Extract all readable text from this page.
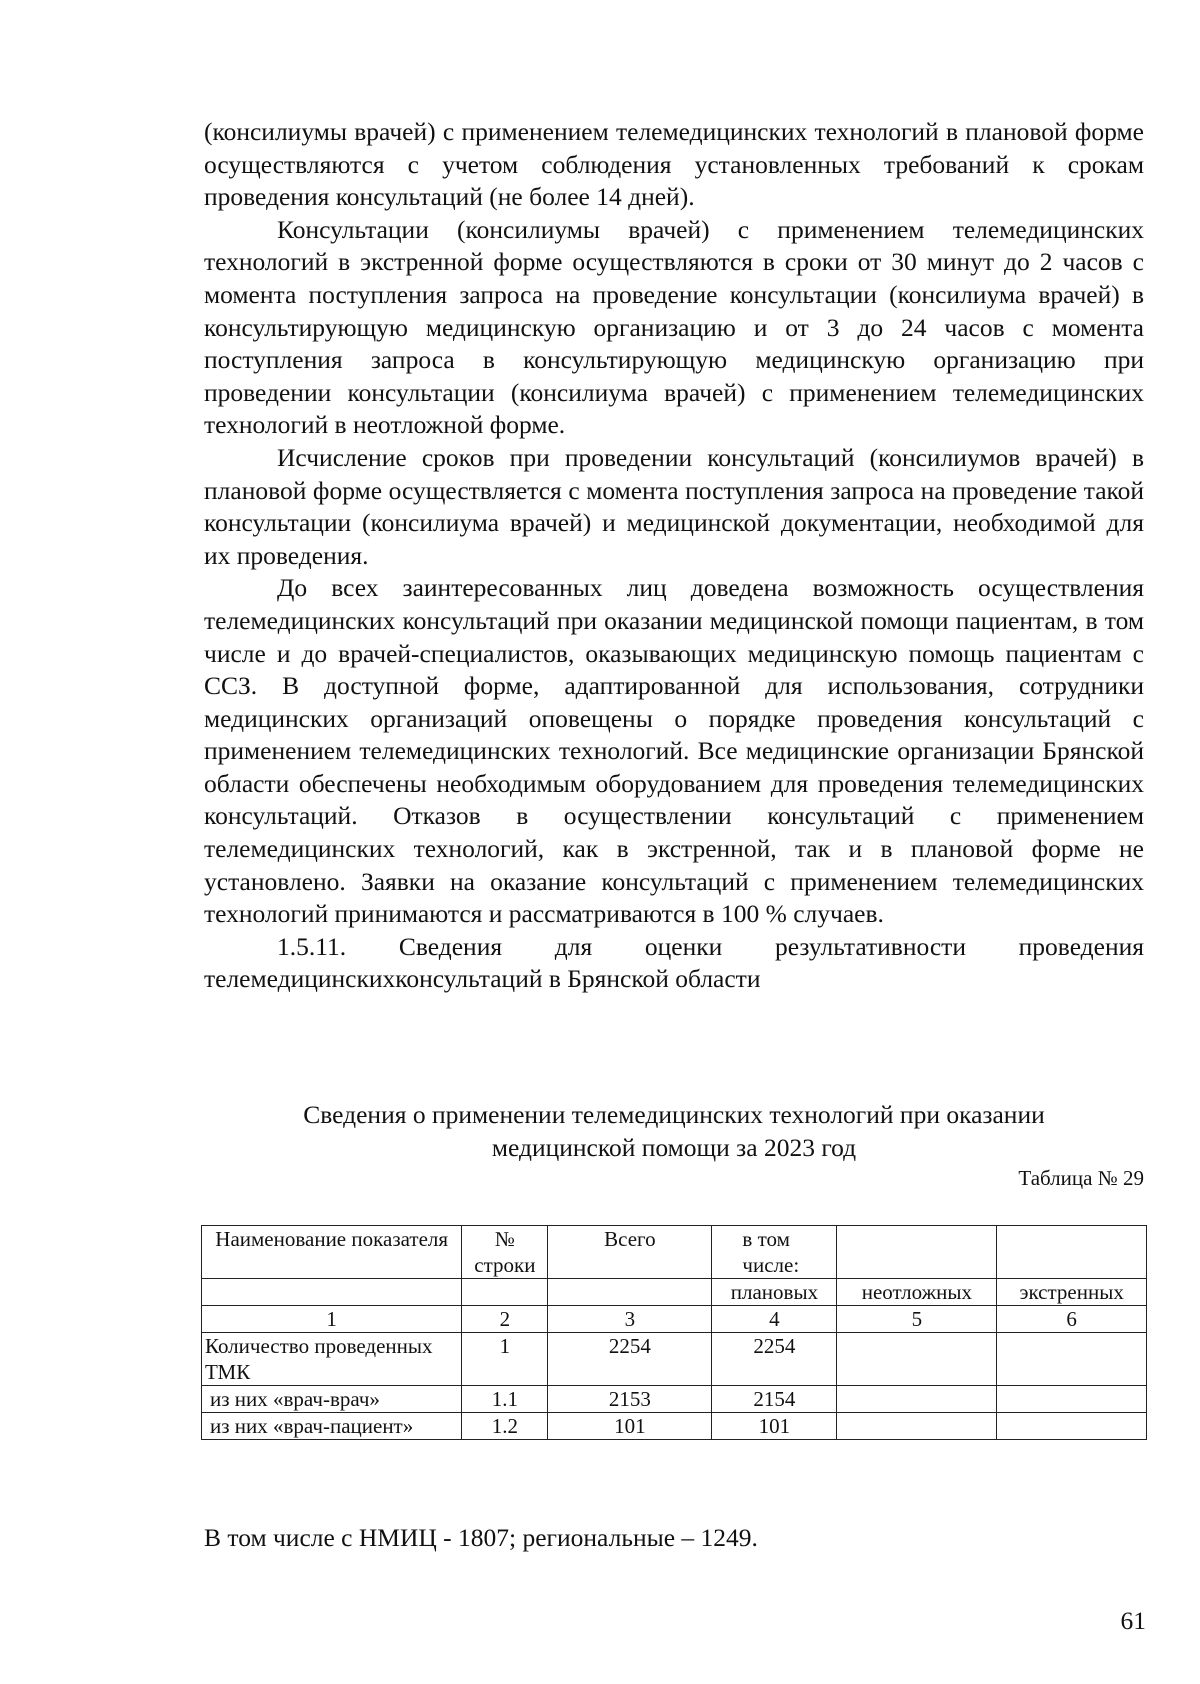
(консилиумы врачей) с применением телемедицинских технологий в плановой форме осуществляются с учетом соблюдения установленных требований к срокам проведения консультаций (не более 14 дней).

Консультации (консилиумы врачей) с применением телемедицинских технологий в экстренной форме осуществляются в сроки от 30 минут до 2 часов с момента поступления запроса на проведение консультации (консилиума врачей) в консультирующую медицинскую организацию и от 3 до 24 часов с момента поступления запроса в консультирующую медицинскую организацию при проведении консультации (консилиума врачей) с применением телемедицинских технологий в неотложной форме.

Исчисление сроков при проведении консультаций (консилиумов врачей) в плановой форме осуществляется с момента поступления запроса на проведение такой консультации (консилиума врачей) и медицинской документации, необходимой для их проведения.

До всех заинтересованных лиц доведена возможность осуществления телемедицинских консультаций при оказании медицинской помощи пациентам, в том числе и до врачей-специалистов, оказывающих медицинскую помощь пациентам с ССЗ. В доступной форме, адаптированной для использования, сотрудники медицинских организаций оповещены о порядке проведения консультаций с применением телемедицинских технологий. Все медицинские организации Брянской области обеспечены необходимым оборудованием для проведения телемедицинских консультаций. Отказов в осуществлении консультаций с применением телемедицинских технологий, как в экстренной, так и в плановой форме не установлено. Заявки на оказание консультаций с применением телемедицинских технологий принимаются и рассматриваются в 100 % случаев.

1.5.11. Сведения для оценки результативности проведения телемедицинскихконсультаций в Брянской области

Сведения о применении телемедицинских технологий при оказании
медицинской помощи за 2023 год
Таблица № 29
Наименование показателя	№ строки	Всего	в том числе:		
			плановых	неотложных	экстренных
1	2	3	4	5	6
Количество проведенных ТМК	1	2254	2254		
из них «врач-врач»	1.1	2153	2154		
из них «врач-пациент»	1.2	101	101		
В том числе с НМИЦ - 1807; региональные – 1249.
61
